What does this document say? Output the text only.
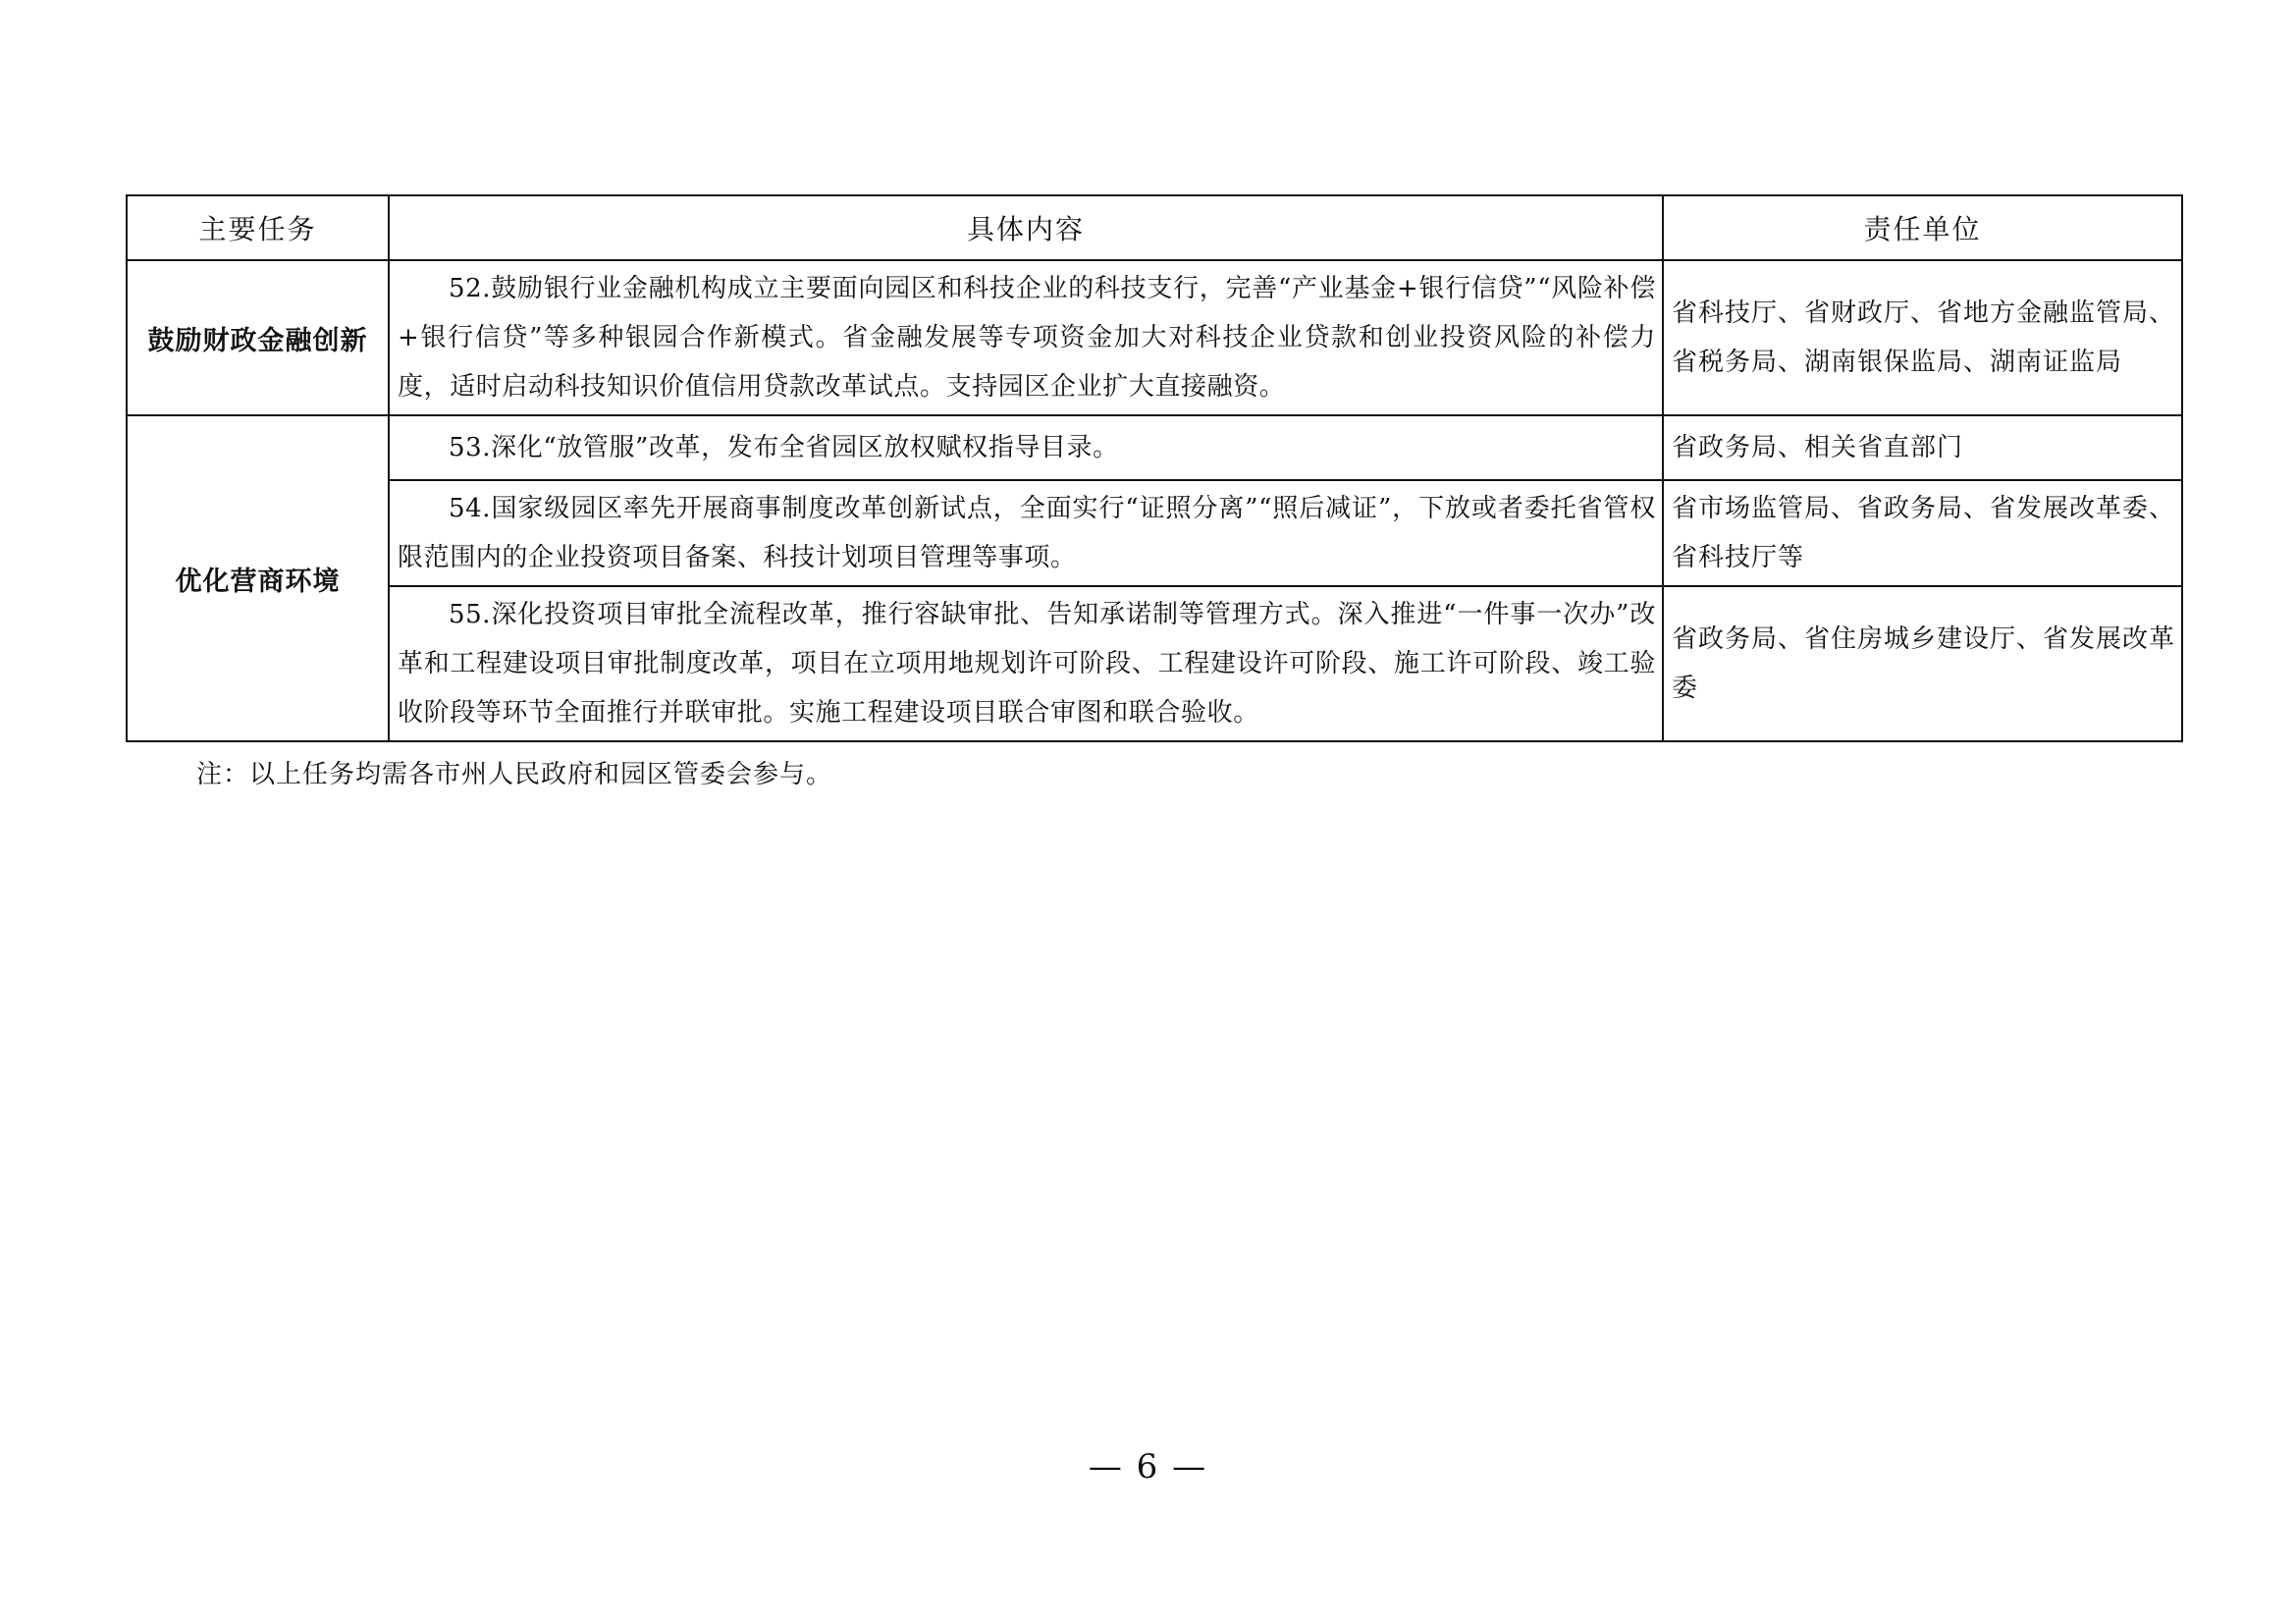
主要任务	具体内容	责任单位
鼓励财政金融创新	52.鼓励银行业金融机构成立主要面向园区和科技企业的科技支行，完善“产业基金+银行信贷”“风险补偿+银行信贷”等多种银园合作新模式。省金融发展等专项资金加大对科技企业贷款和创业投资风险的补偿力度，适时启动科技知识价值信用贷款改革试点。支持园区企业扩大直接融资。	省科技厅、省财政厅、省地方金融监管局、省税务局、湖南银保监局、湖南证监局
优化营商环境	53.深化“放管服”改革，发布全省园区放权赋权指导目录。	省政务局、相关省直部门
	54.国家级园区率先开展商事制度改革创新试点，全面实行“证照分离”“照后减证”，下放或者委托省管权限范围内的企业投资项目备案、科技计划项目管理等事项。	省市场监管局、省政务局、省发展改革委、省科技厅等
	55.深化投资项目审批全流程改革，推行容缺审批、告知承诺制等管理方式。深入推进“一件事一次办”改革和工程建设项目审批制度改革，项目在立项用地规划许可阶段、工程建设许可阶段、施工许可阶段、竣工验收阶段等环节全面推行并联审批。实施工程建设项目联合审图和联合验收。	省政务局、省住房城乡建设厅、省发展改革委
注：以上任务均需各市州人民政府和园区管委会参与。
— 6 —
